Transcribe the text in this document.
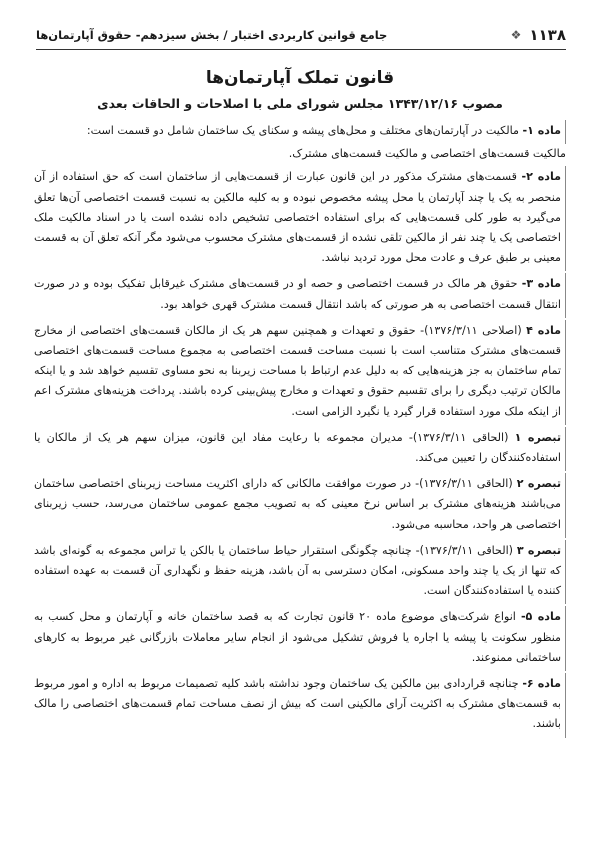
۱۱۳۸
❖
جامع قوانین کاربردی اختبار / بخش سیزدهم- حقوق آپارتمان‌ها
قانون تملک آپارتمان‌ها
مصوب ۱۳۴۳/۱۲/۱۶ مجلس شورای ملی با اصلاحات و الحاقات بعدی

ماده ۱- مالکیت در آپارتمان‌های مختلف و محل‌های پیشه و سکنای یک ساختمان شامل دو قسمت است:

مالکیت قسمت‌های اختصاصی و مالکیت قسمت‌های مشترک.

ماده ۲- قسمت‌های مشترک مذکور در این قانون عبارت از قسمت‌هایی از ساختمان است که حق استفاده از آن منحصر به یک یا چند آپارتمان یا محل پیشه مخصوص نبوده و به کلیه مالکین به نسبت قسمت اختصاصی آن‌ها تعلق می‌گیرد به طور کلی قسمت‌هایی که برای استفاده اختصاصی تشخیص داده نشده است یا در اسناد مالکیت ملک اختصاصی یک یا چند نفر از مالکین تلقی نشده از قسمت‌های مشترک محسوب می‌شود مگر آنکه تعلق آن به قسمت معینی بر طبق عرف و عادت محل مورد تردید نباشد.

ماده ۳- حقوق هر مالک در قسمت اختصاصی و حصه او در قسمت‌های مشترک غیرقابل تفکیک بوده و در صورت انتقال قسمت اختصاصی به هر صورتی که باشد انتقال قسمت مشترک قهری خواهد بود.

ماده ۴ (اصلاحی ۱۳۷۶/۳/۱۱)- حقوق و تعهدات و همچنین سهم هر یک از مالکان قسمت‌های اختصاصی از مخارج قسمت‌های مشترک متناسب است با نسبت مساحت قسمت اختصاصی به مجموع مساحت قسمت‌های اختصاصی تمام ساختمان به جز هزینه‌هایی که به دلیل عدم ارتباط با مساحت زیربنا به نحو مساوی تقسیم خواهد شد و یا اینکه مالکان ترتیب دیگری را برای تقسیم حقوق و تعهدات و مخارج پیش‌بینی کرده باشند. پرداخت هزینه‌های مشترک اعم از اینکه ملک مورد استفاده قرار گیرد یا نگیرد الزامی است.

تبصره ۱ (الحاقی ۱۳۷۶/۳/۱۱)- مدیران مجموعه با رعایت مفاد این قانون، میزان سهم هر یک از مالکان یا استفاده‌کنندگان را تعیین می‌کند.

تبصره ۲ (الحاقی ۱۳۷۶/۳/۱۱)- در صورت موافقت مالکانی که دارای اکثریت مساحت زیربنای اختصاصی ساختمان می‌باشند هزینه‌های مشترک بر اساس نرخ معینی که به تصویب مجمع عمومی ساختمان می‌رسد، حسب زیربنای اختصاصی هر واحد، محاسبه می‌شود.

تبصره ۳ (الحاقی ۱۳۷۶/۳/۱۱)- چنانچه چگونگی استقرار حیاط ساختمان یا بالکن یا تراس مجموعه به گونه‌ای باشد که تنها از یک یا چند واحد مسکونی، امکان دسترسی به آن باشد، هزینه حفظ و نگهداری آن قسمت به عهده استفاده کننده یا استفاده‌کنندگان است.

ماده ۵- انواع شرکت‌های موضوع ماده ۲۰ قانون تجارت که به قصد ساختمان خانه و آپارتمان و محل کسب به منظور سکونت یا پیشه یا اجاره یا فروش تشکیل می‌شود از انجام سایر معاملات بازرگانی غیر مربوط به کارهای ساختمانی ممنوعند.

ماده ۶- چنانچه قراردادی بین مالکین یک ساختمان وجود نداشته باشد کلیه تصمیمات مربوط به اداره و امور مربوط به قسمت‌های مشترک به اکثریت آرای مالکینی است که بیش از نصف مساحت تمام قسمت‌های اختصاصی را مالک باشند.
